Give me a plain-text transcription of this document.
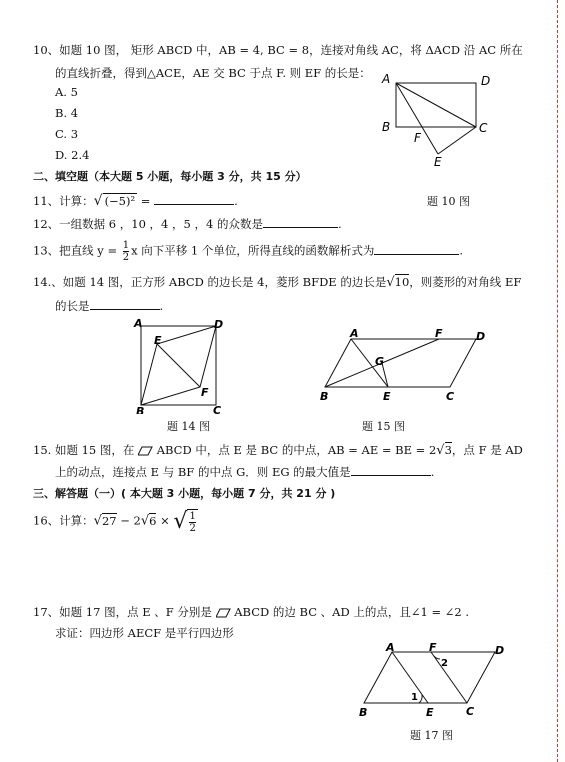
10、如题 10 图， 矩形 ABCD 中，AB = 4, BC = 8，连接对角线 AC，将 ΔACD 沿 AC 所在
的直线折叠，得到△ACE，AE 交 BC 于点 F. 则 EF 的长是：
A. 5
B. 4
C. 3
D. 2.4
A	D
B	C
F
E
二、填空题（本大题 5 小题，每小题 3 分，共 15 分）
题 10 图
11、计算：√ (−5)² =	.
12、一组数据 6 ，10 ，4 ，5 ，4 的众数是	.
13、把直线 $y = \frac{1}{2}$ x 向下平移 1 个单位，所得直线的函数解析式为	.
14.、如题 14 图，正方形 ABCD 的边长是 4，菱形 BFDE 的边长是√10，则菱形的对角线 EF
的长是	.
A	D
E
F
B	C
题 14 图
A	F	D
G
B	E	C
题 15 图
15. 如题 15 图，在 ABCD 中，点 E 是 BC 的中点，AB = AE = BE = 2√3，点 F 是 AD
上的动点，连接点 E 与 BF 的中点 G．则 EG 的最大值是	.
三、解答题（一）( 本大题 3 小题，每小题 7 分，共 21 分 )
16、计算：√27 − 2√6 × √ $\frac{1}{2}$
17、如题 17 图，点 E 、F 分别是 ABCD 的边 BC 、AD 上的点，且∠1 = ∠2 .
求证：四边形 AECF 是平行四边形
A	F	D
2
1
B	E	C
题 17 图
